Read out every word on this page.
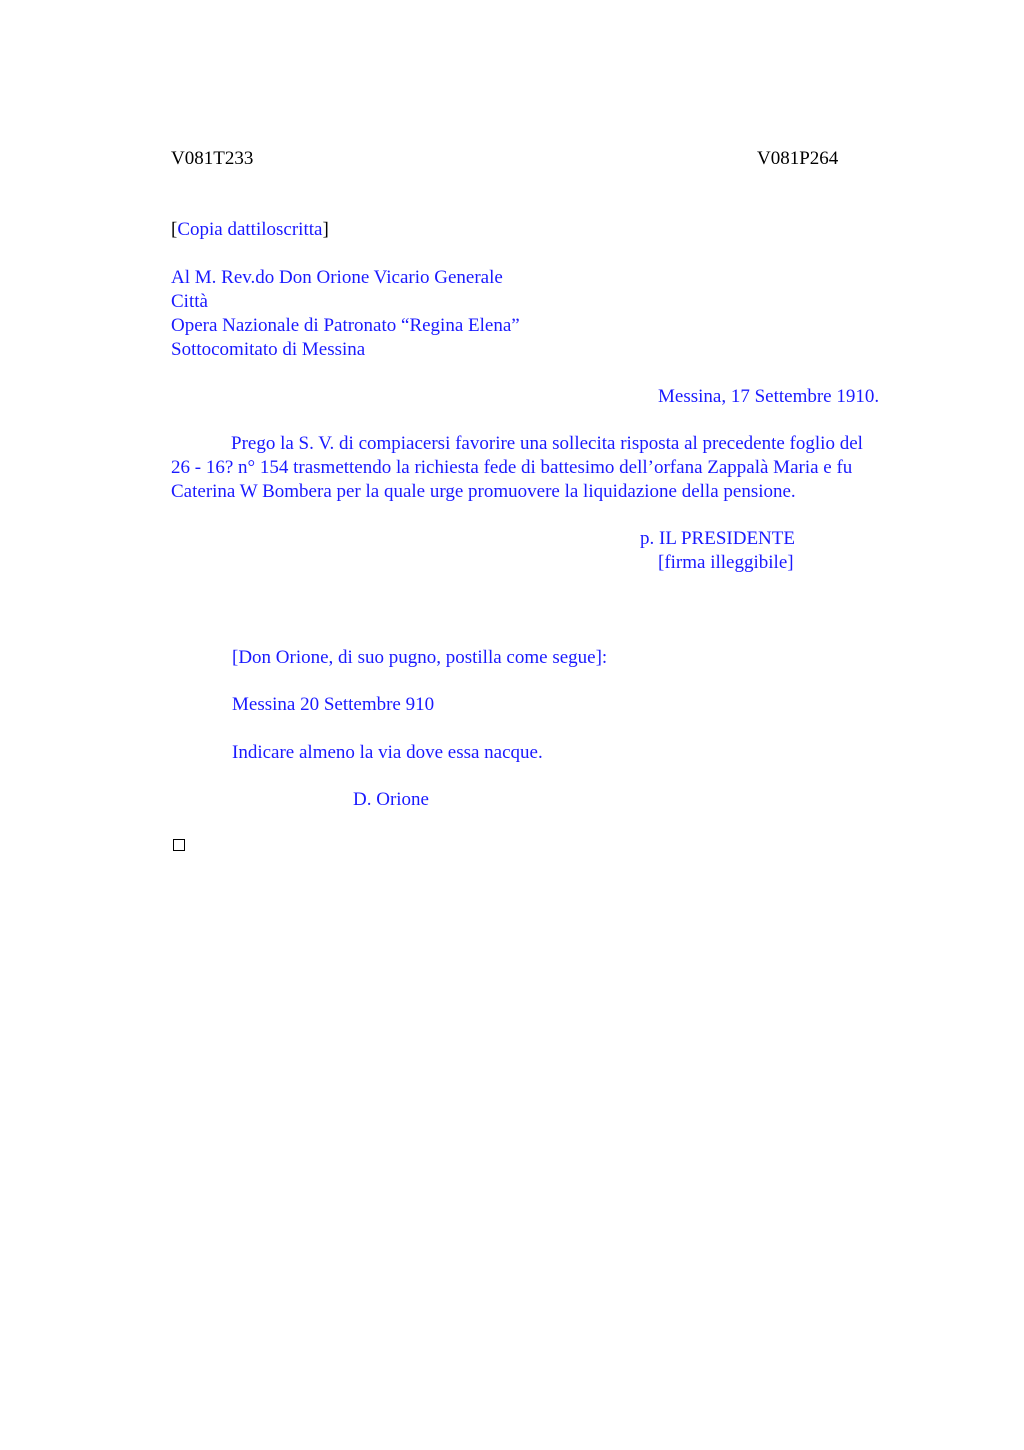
V081T233	V081P264
[Copia dattiloscritta]
Al M. Rev.do Don Orione Vicario Generale
Città
Opera Nazionale di Patronato “Regina Elena”
Sottocomitato di Messina
Messina, 17 Settembre 1910.
Prego la S. V. di compiacersi favorire una sollecita risposta al precedente foglio del
26 - 16? n° 154 trasmettendo la richiesta fede di battesimo dell’orfana Zappalà Maria e fu
Caterina W Bombera per la quale urge promuovere la liquidazione della pensione.
p. IL PRESIDENTE
[firma illeggibile]
[Don Orione, di suo pugno, postilla come segue]:
Messina 20 Settembre 910
Indicare almeno la via dove essa nacque.
D. Orione
